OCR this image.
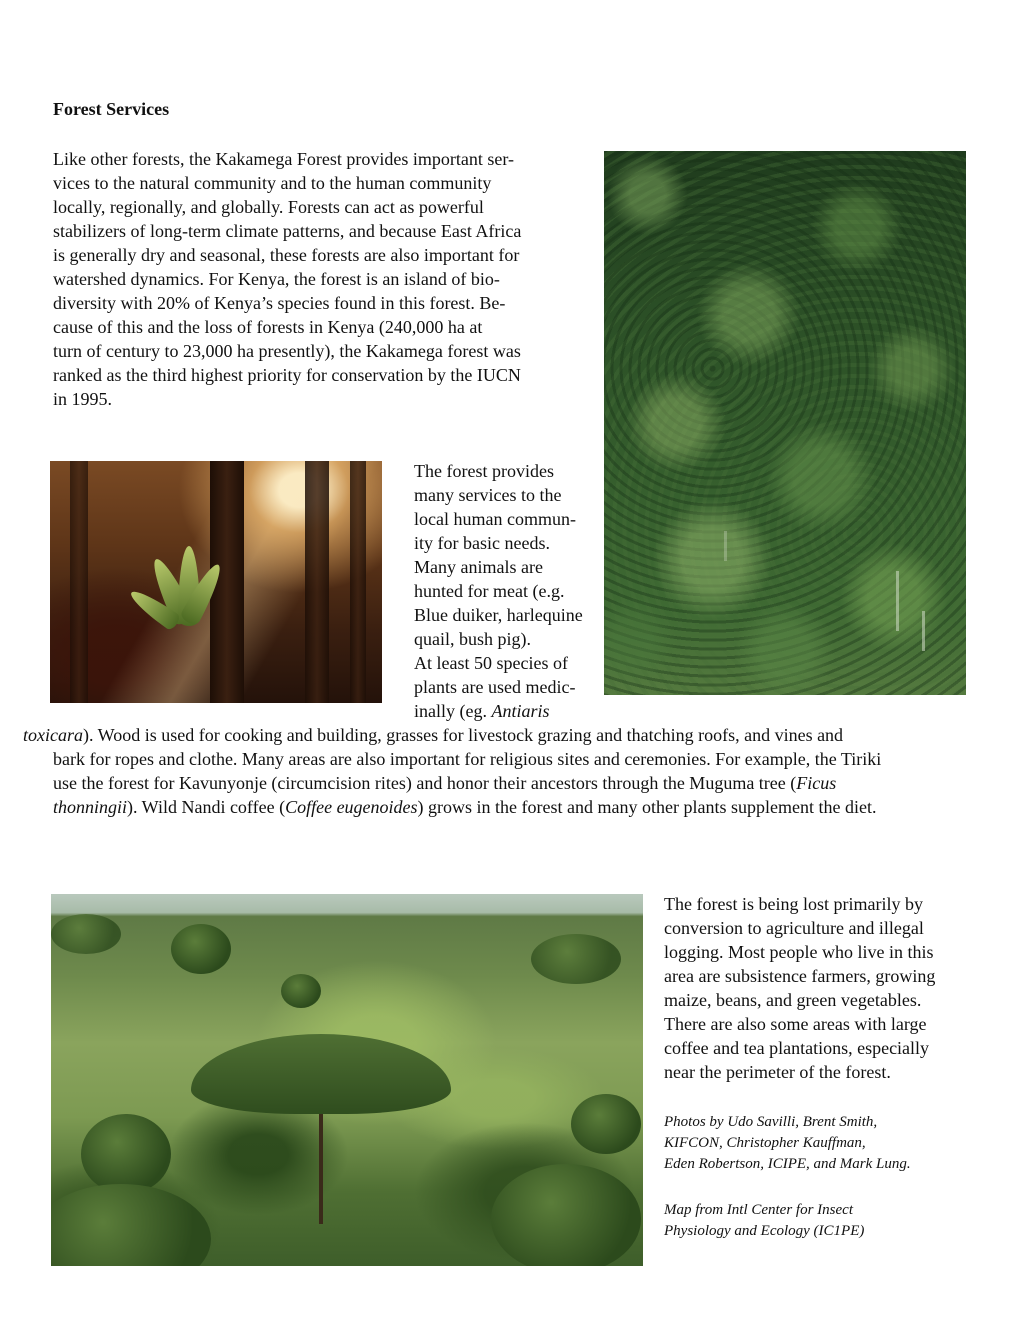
Forest Services
Like other forests, the Kakamega Forest provides important ser-
vices to the natural community and to the human community
locally, regionally, and globally. Forests can act as powerful
stabilizers of long-term climate patterns, and because East Africa
is generally dry and seasonal, these forests are also important for
watershed dynamics. For Kenya, the forest is an island of bio-
diversity with 20% of Kenya’s species found in this forest. Be-
cause of this and the loss of forests in Kenya (240,000 ha at
turn of century to 23,000 ha presently), the Kakamega forest was
ranked as the third highest priority for conservation by the IUCN
in 1995.
The forest provides
many services to the
local human commun-
ity for basic needs.
Many animals are
hunted for meat (e.g.
Blue duiker, harlequine
quail, bush pig).
At least 50 species of
plants are used medic-
inally (eg. Antiaris
toxicara). Wood is used for cooking and building, grasses for livestock grazing and thatching roofs, and vines and
bark for ropes and clothe. Many areas are also important for religious sites and ceremonies. For example, the Tiriki
use the forest for Kavunyonje (circumcision rites) and honor their ancestors through the Muguma tree (Ficus
thonningii). Wild Nandi coffee (Coffee eugenoides) grows in the forest and many other plants supplement the diet.
The forest is being lost primarily by
conversion to agriculture and illegal
logging. Most people who live in this
area are subsistence farmers, growing
maize, beans, and green vegetables.
There are also some areas with large
coffee and tea plantations, especially
near the perimeter of the forest.
Photos by Udo Savilli, Brent Smith,
KIFCON, Christopher Kauffman,
Eden Robertson, ICIPE, and Mark Lung.
Map from Intl Center for Insect
Physiology and Ecology (IC1PE)
